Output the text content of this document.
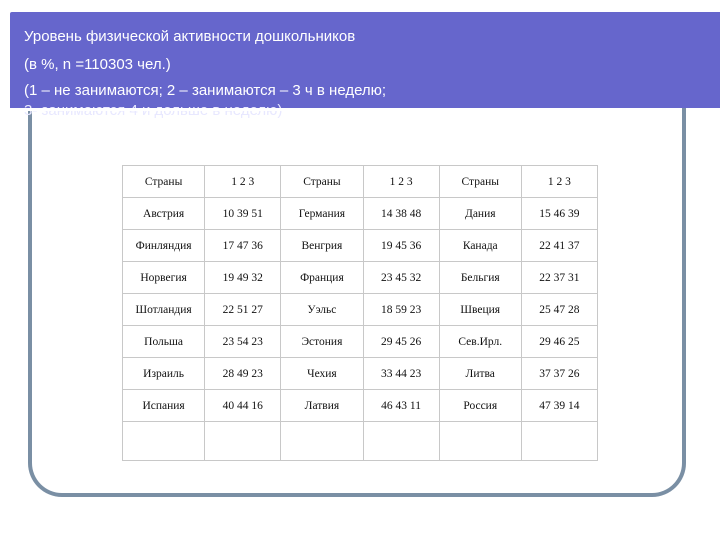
Уровень физической активности дошкольников
(в %, n =110303 чел.)
(1 – не занимаются; 2 – занимаются – 3 ч в неделю;
Страны	1 2 3	Страны	1 2 3	Страны	1 2 3
Австрия	10 39 51	Германия	14 38 48	Дания	15 46 39
Финляндия	17 47 36	Венгрия	19 45 36	Канада	22 41 37
Норвегия	19 49 32	Франция	23 45 32	Бельгия	22 37 31
Шотландия	22 51 27	Уэльс	18 59 23	Швеция	25 47 28
Польша	23 54 23	Эстония	29 45 26	Сев.Ирл.	29 46 25
Израиль	28 49 23	Чехия	33 44 23	Литва	37 37 26
Испания	40 44 16	Латвия	46 43 11	Россия	47 39 14
